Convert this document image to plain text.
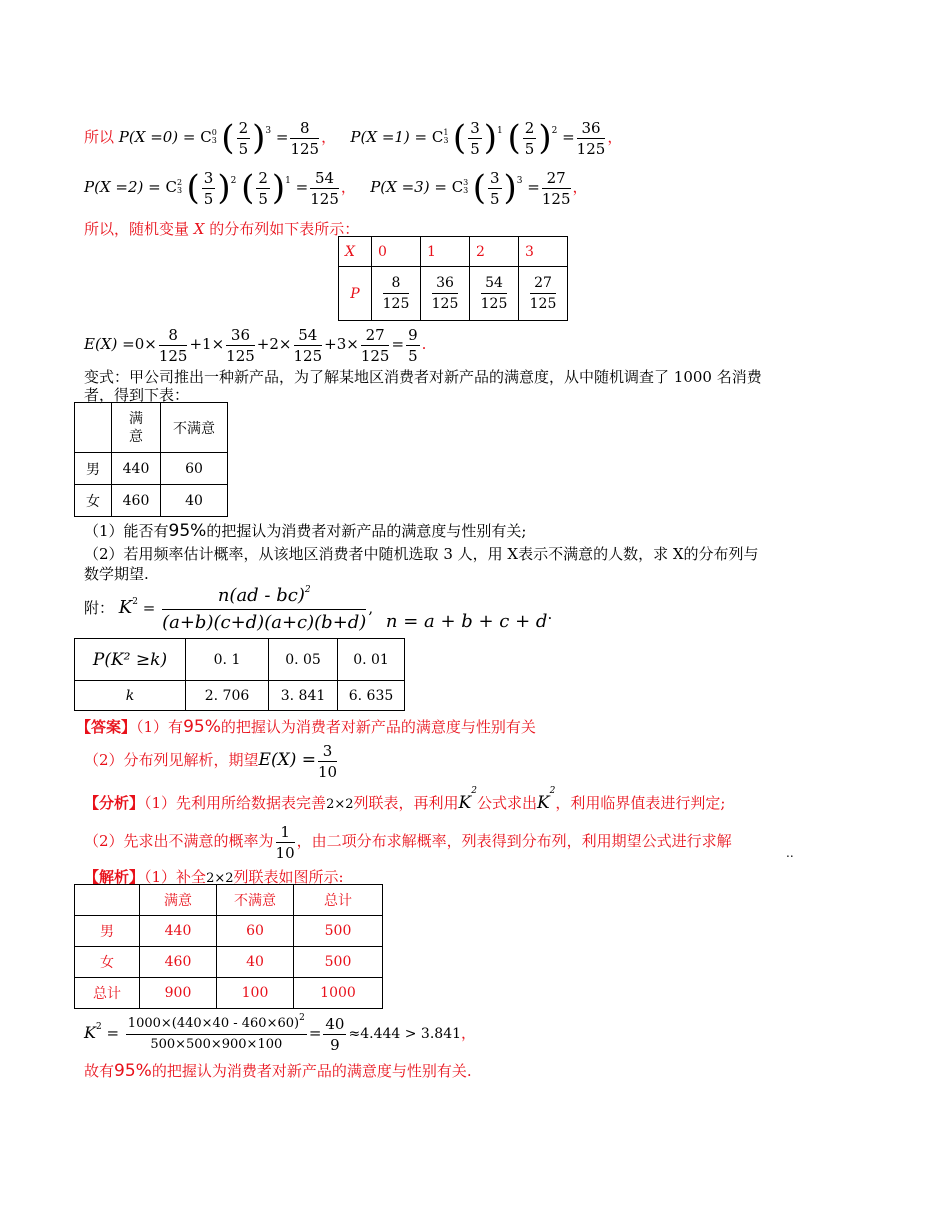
所以 P(X =0) = C 0
3 ( $\frac{2}{5} )^3 = \frac{8}{125}$ ， P(X =1) = C 1
3 ( $\frac{3}{5} )^1$ ( $\frac{2}{5} )^2 = \frac{36}{125}$ ，
P(X =2) = C 2
3 ( $\frac{3}{5} )^2$ ( $\frac{2}{5} )^1 = \frac{54}{125}$ ， P(X =3) = C 3
3 ( $\frac{3}{5} )^3 = \frac{27}{125}$ ，
所以，随机变量 X 的分布列如下表所示：
X	0	1	2	3
P	$\frac{8}{125}$	$\frac{36}{125}$	$\frac{54}{125}$	$\frac{27}{125}$
$E(X) =0\times \frac{8}{125} +1\times \frac{36}{125} +2\times \frac{54}{125} +3\times \frac{27}{125} = \frac{9}{5}$ .
变式：甲公司推出一种新产品，为了解某地区消费者对新产品的满意度，从中随机调查了 1000 名消费
者，得到下表：
	满
意	不满意
男	440	60
女	460	40
（1）能否有95%的把握认为消费者对新产品的满意度与性别有关;
（2）若用频率估计概率，从该地区消费者中随机选取 3 人，用 X表示不满意的人数，求 X的分布列与
数学期望.
附： $K^2 = \frac{n(ad - bc)^2}{(a+b)(c+d)(a+c)(b+d)}$ , n = a + b + c + d.
P(K² ≥k)	0. 1	0. 05	0. 01
k	2. 706	3. 841	6. 635
【答案】（1）有95%的把握认为消费者对新产品的满意度与性别有关
（2）分布列见解析，期望$E(X) = \frac{3}{10}$
【分析】（1）先利用所给数据表完善2×2列联表，再利用$K^2$公式求出$K^2$，利用临界值表进行判定;
（2）先求出不满意的概率为 $\frac{1}{10}$ ，由二项分布求解概率，列表得到分布列，利用期望公式进行求解
..
【解析】（1）补全2×2列联表如图所示:
	满意	不满意	总计
男	440	60	500
女	460	40	500
总计	900	100	1000
$K^2 = \frac{1000\times(440\times 40 - 460\times 60)^2}{500\times 500\times 900\times 100} = \frac{40}{9} \approx 4.444 > 3.841$，
故有95%的把握认为消费者对新产品的满意度与性别有关.
